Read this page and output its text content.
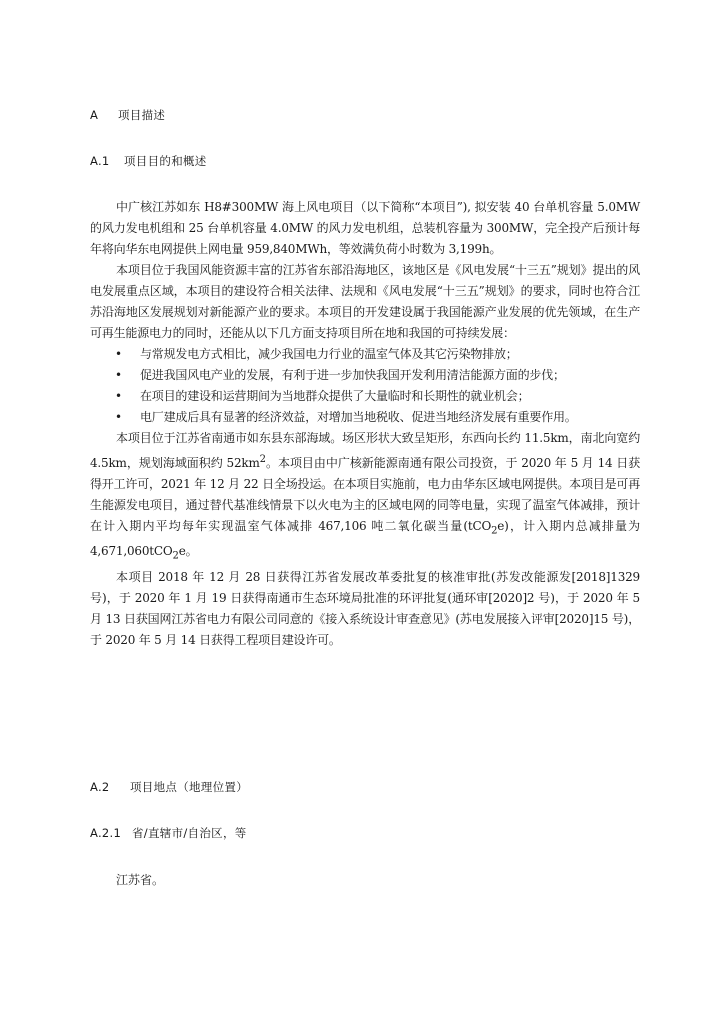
A 项目描述
A.1 项目目的和概述

中广核江苏如东 H8#300MW 海上风电项目（以下简称“本项目”), 拟安装 40 台单机容量 5.0MW 的风力发电机组和 25 台单机容量 4.0MW 的风力发电机组，总装机容量为 300MW，完全投产后预计每年将向华东电网提供上网电量 959,840MWh，等效满负荷小时数为 3,199h。

本项目位于我国风能资源丰富的江苏省东部沿海地区，该地区是《风电发展“十三五”规划》提出的风电发展重点区域，本项目的建设符合相关法律、法规和《风电发展“十三五”规划》的要求，同时也符合江苏沿海地区发展规划对新能源产业的要求。本项目的开发建设属于我国能源产业发展的优先领域，在生产可再生能源电力的同时，还能从以下几方面支持项目所在地和我国的可持续发展：

• 与常规发电方式相比，减少我国电力行业的温室气体及其它污染物排放；
• 促进我国风电产业的发展，有利于进一步加快我国开发利用清洁能源方面的步伐；
• 在项目的建设和运营期间为当地群众提供了大量临时和长期性的就业机会；
• 电厂建成后具有显著的经济效益，对增加当地税收、促进当地经济发展有重要作用。

本项目位于江苏省南通市如东县东部海域。场区形状大致呈矩形，东西向长约 11.5km，南北向宽约 4.5km，规划海域面积约 $52km^2$。本项目由中广核新能源南通有限公司投资，于 2020 年 5 月 14 日获得开工许可，2021 年 12 月 22 日全场投运。在本项目实施前，电力由华东区域电网提供。本项目是可再生能源发电项目，通过替代基准线情景下以火电为主的区域电网的同等电量，实现了温室气体减排，预计在计入期内平均每年实现温室气体减排 467,106 吨二氧化碳当量(tCO$_2$e)，计入期内总减排量为 4,671,060tCO$_2$e。

本项目 2018 年 12 月 28 日获得江苏省发展改革委批复的核准审批(苏发改能源发[2018]1329 号)，于 2020 年 1 月 19 日获得南通市生态环境局批准的环评批复(通环审[2020]2 号)，于 2020 年 5 月 13 日获国网江苏省电力有限公司同意的《接入系统设计审查意见》(苏电发展接入评审[2020]15 号)，于 2020 年 5 月 14 日获得工程项目建设许可。

A.2 项目地点（地理位置）
A.2.1 省/直辖市/自治区，等
江苏省。
